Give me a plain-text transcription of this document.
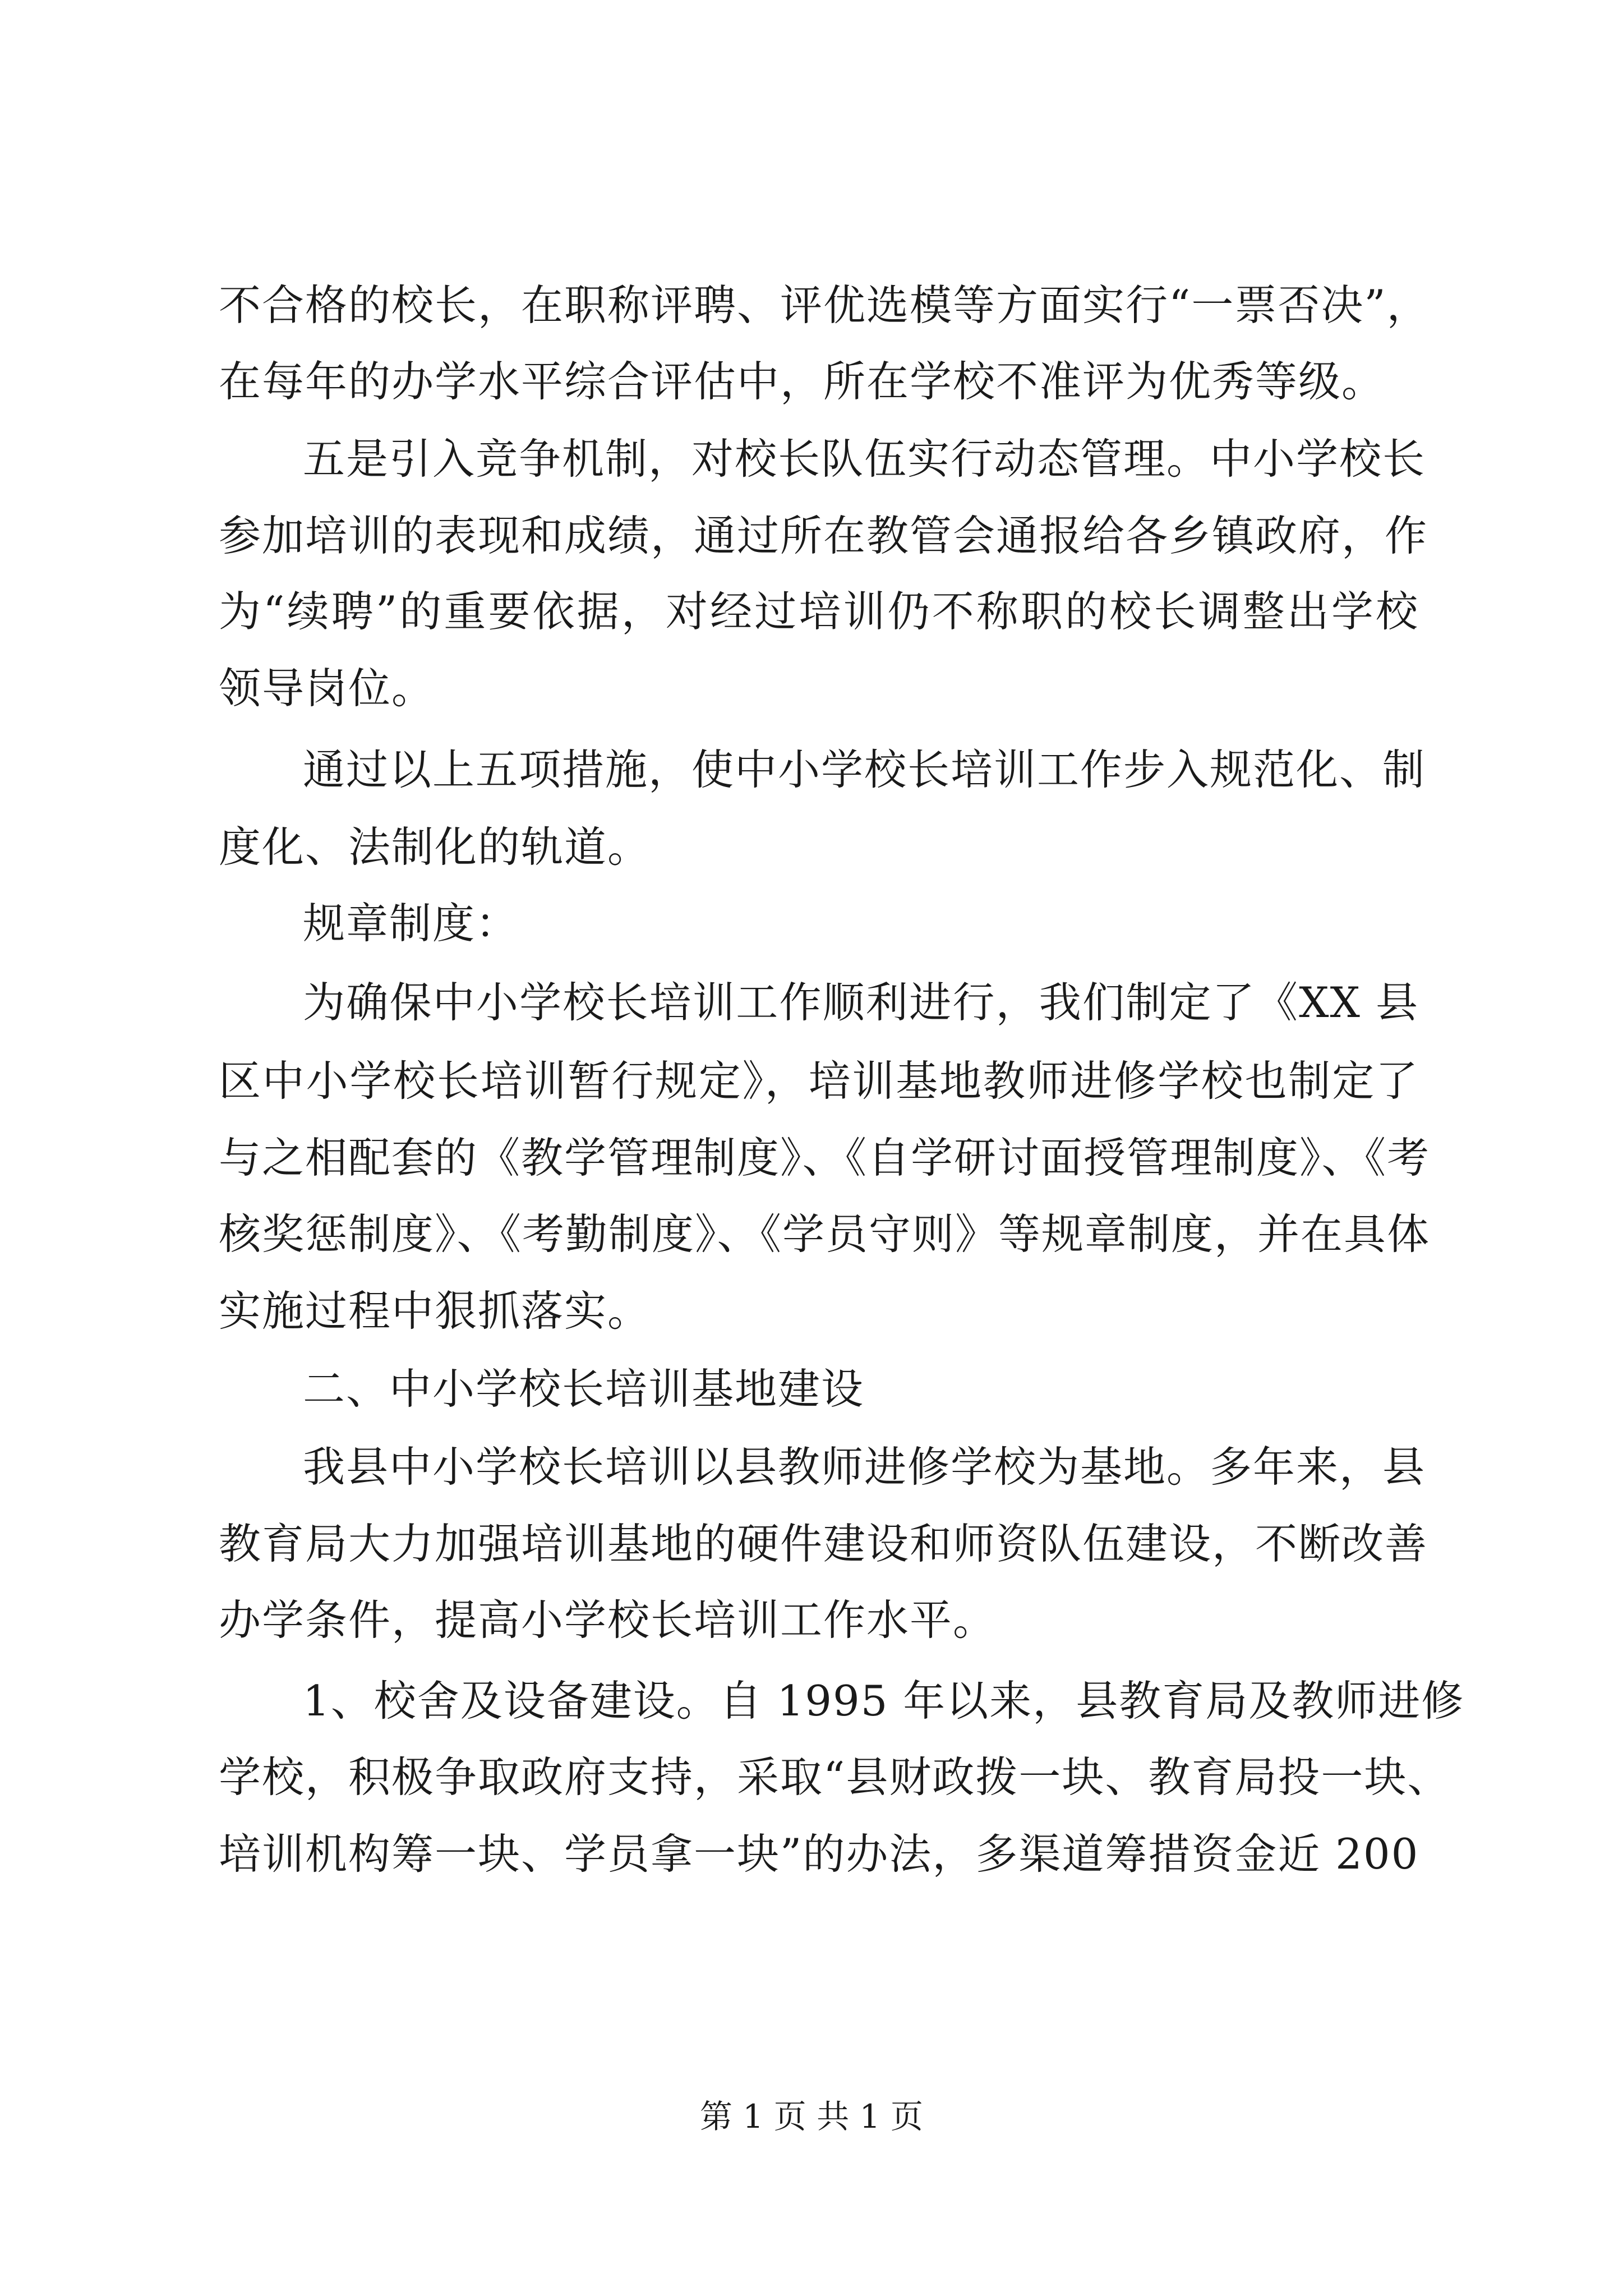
不合格的校长，在职称评聘、评优选模等方面实行“一票否决”，
在每年的办学水平综合评估中，所在学校不准评为优秀等级。
五是引入竞争机制，对校长队伍实行动态管理。中小学校长
参加培训的表现和成绩，通过所在教管会通报给各乡镇政府，作
为“续聘”的重要依据，对经过培训仍不称职的校长调整出学校
领导岗位。
通过以上五项措施，使中小学校长培训工作步入规范化、制
度化、法制化的轨道。
规章制度：
为确保中小学校长培训工作顺利进行，我们制定了《XX 县
区中小学校长培训暂行规定》，培训基地教师进修学校也制定了
与之相配套的《教学管理制度》、《自学研讨面授管理制度》、《考
核奖惩制度》、《考勤制度》、《学员守则》等规章制度，并在具体
实施过程中狠抓落实。
二、中小学校长培训基地建设
我县中小学校长培训以县教师进修学校为基地。多年来，县
教育局大力加强培训基地的硬件建设和师资队伍建设，不断改善
办学条件，提高小学校长培训工作水平。
1、校舍及设备建设。自 1995 年以来，县教育局及教师进修
学校，积极争取政府支持，采取“县财政拨一块、教育局投一块、
培训机构筹一块、学员拿一块”的办法，多渠道筹措资金近 200
第 1 页 共 1 页
